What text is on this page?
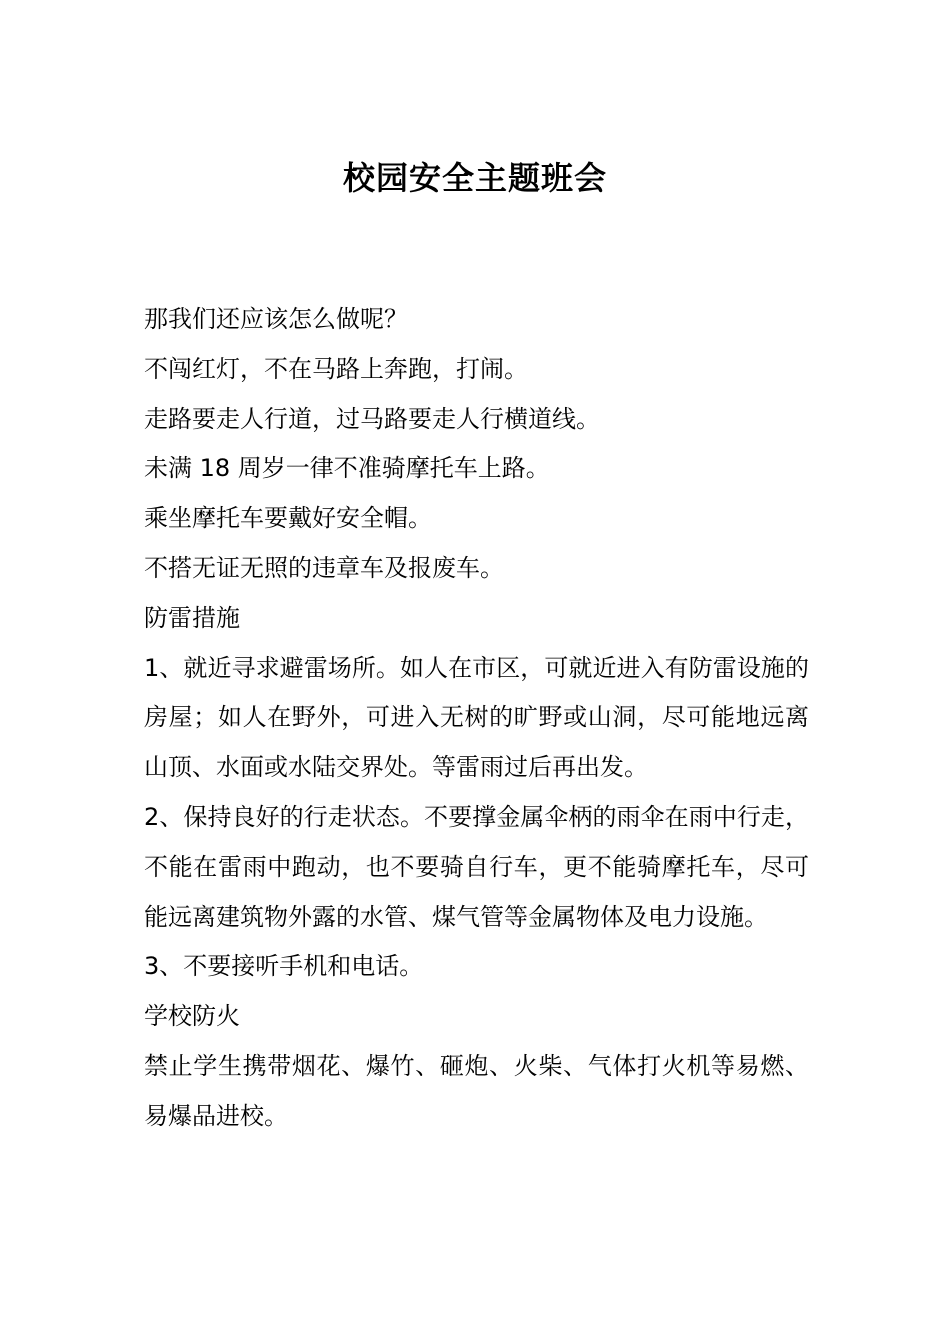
校园安全主题班会

那我们还应该怎么做呢？

不闯红灯，不在马路上奔跑，打闹。

走路要走人行道，过马路要走人行横道线。

未满 18 周岁一律不准骑摩托车上路。

乘坐摩托车要戴好安全帽。

不搭无证无照的违章车及报废车。

防雷措施

1、就近寻求避雷场所。如人在市区，可就近进入有防雷设施的房屋；如人在野外，可进入无树的旷野或山洞，尽可能地远离山顶、水面或水陆交界处。等雷雨过后再出发。

2、保持良好的行走状态。不要撑金属伞柄的雨伞在雨中行走，不能在雷雨中跑动，也不要骑自行车，更不能骑摩托车，尽可能远离建筑物外露的水管、煤气管等金属物体及电力设施。

3、不要接听手机和电话。

学校防火

禁止学生携带烟花、爆竹、砸炮、火柴、气体打火机等易燃、易爆品进校。
